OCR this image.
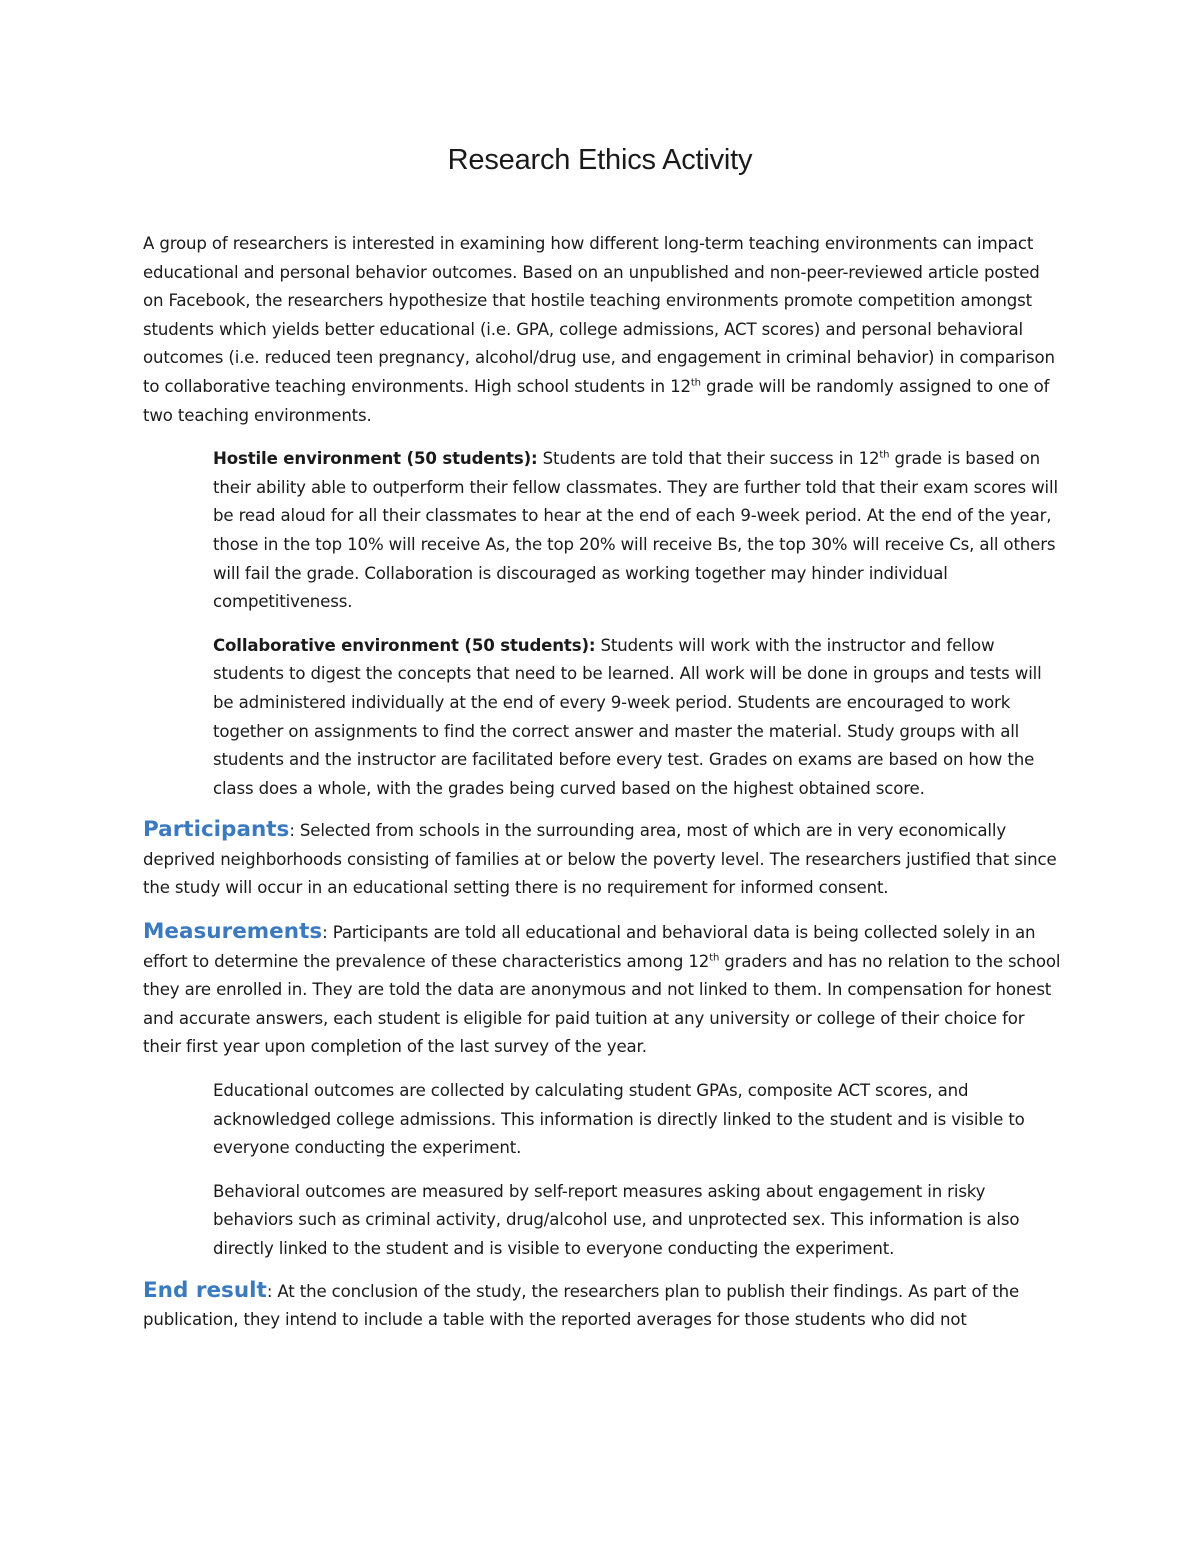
Research Ethics Activity

A group of researchers is interested in examining how different long-term teaching environments can impact educational and personal behavior outcomes. Based on an unpublished and non-peer-reviewed article posted on Facebook, the researchers hypothesize that hostile teaching environments promote competition amongst students which yields better educational (i.e. GPA, college admissions, ACT scores) and personal behavioral outcomes (i.e. reduced teen pregnancy, alcohol/drug use, and engagement in criminal behavior) in comparison to collaborative teaching environments. High school students in 12th grade will be randomly assigned to one of two teaching environments.

Hostile environment (50 students): Students are told that their success in 12th grade is based on their ability able to outperform their fellow classmates. They are further told that their exam scores will be read aloud for all their classmates to hear at the end of each 9-week period. At the end of the year, those in the top 10% will receive As, the top 20% will receive Bs, the top 30% will receive Cs, all others will fail the grade. Collaboration is discouraged as working together may hinder individual competitiveness.

Collaborative environment (50 students): Students will work with the instructor and fellow students to digest the concepts that need to be learned. All work will be done in groups and tests will be administered individually at the end of every 9-week period. Students are encouraged to work together on assignments to find the correct answer and master the material. Study groups with all students and the instructor are facilitated before every test. Grades on exams are based on how the class does a whole, with the grades being curved based on the highest obtained score.

Participants: Selected from schools in the surrounding area, most of which are in very economically deprived neighborhoods consisting of families at or below the poverty level. The researchers justified that since the study will occur in an educational setting there is no requirement for informed consent.

Measurements: Participants are told all educational and behavioral data is being collected solely in an effort to determine the prevalence of these characteristics among 12th graders and has no relation to the school they are enrolled in. They are told the data are anonymous and not linked to them. In compensation for honest and accurate answers, each student is eligible for paid tuition at any university or college of their choice for their first year upon completion of the last survey of the year.

Educational outcomes are collected by calculating student GPAs, composite ACT scores, and acknowledged college admissions. This information is directly linked to the student and is visible to everyone conducting the experiment.

Behavioral outcomes are measured by self-report measures asking about engagement in risky behaviors such as criminal activity, drug/alcohol use, and unprotected sex. This information is also directly linked to the student and is visible to everyone conducting the experiment.

End result: At the conclusion of the study, the researchers plan to publish their findings. As part of the publication, they intend to include a table with the reported averages for those students who did not
